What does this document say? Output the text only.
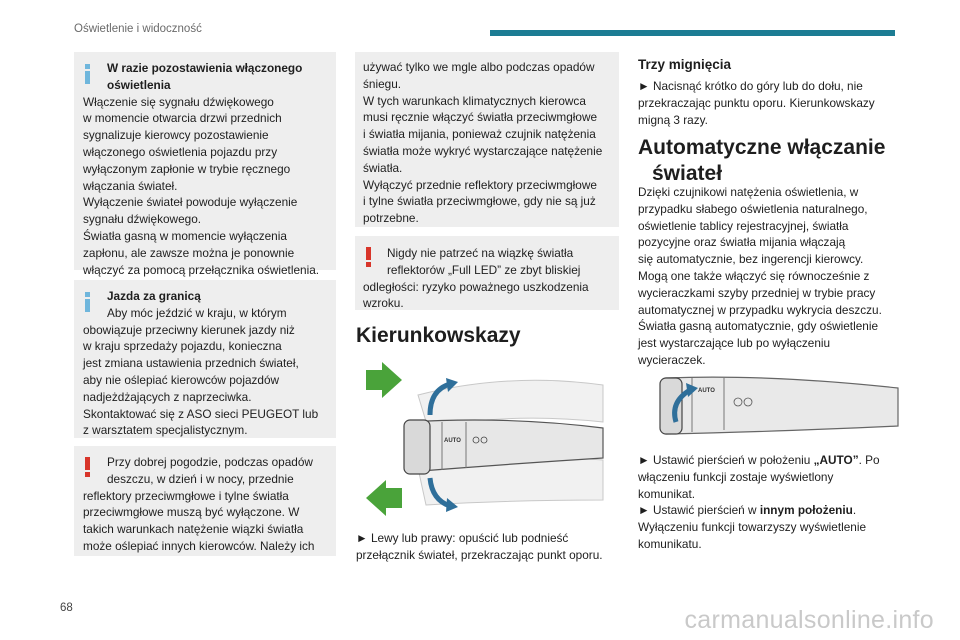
Oświetlenie i widoczność
68	carmanualsonline.info

W razie pozostawienia włączonego oświetlenia

Włączenie się sygnału dźwiękowego

w momencie otwarcia drzwi przednich

sygnalizuje kierowcy pozostawienie

włączonego oświetlenia pojazdu przy

wyłączonym zapłonie w trybie ręcznego

włączania świateł.

Wyłączenie świateł powoduje wyłączenie

sygnału dźwiękowego.

Światła gasną w momencie wyłączenia

zapłonu, ale zawsze można je ponownie

włączyć za pomocą przełącznika oświetlenia.

Jazda za granicą

Aby móc jeździć w kraju, w którym

obowiązuje przeciwny kierunek jazdy niż

w kraju sprzedaży pojazdu, konieczna

jest zmiana ustawienia przednich świateł,

aby nie oślepiać kierowców pojazdów

nadjeżdżających z naprzeciwka.

Skontaktować się z ASO sieci PEUGEOT lub

z warsztatem specjalistycznym.

Przy dobrej pogodzie, podczas opadów

deszczu, w dzień i w nocy, przednie

reflektory przeciwmgłowe i tylne światła

przeciwmgłowe muszą być wyłączone. W

takich warunkach natężenie wiązki światła

może oślepiać innych kierowców. Należy ich

używać tylko we mgle albo podczas opadów

śniegu.

W tych warunkach klimatycznych kierowca

musi ręcznie włączyć światła przeciwmgłowe

i światła mijania, ponieważ czujnik natężenia

światła może wykryć wystarczające natężenie

światła.

Wyłączyć przednie reflektory przeciwmgłowe

i tylne światła przeciwmgłowe, gdy nie są już

potrzebne.

Nigdy nie patrzeć na wiązkę światła

reflektorów „Full LED” ze zbyt bliskiej

odległości: ryzyko poważnego uszkodzenia

wzroku.

Kierunkowskazy
AUTO

► Lewy lub prawy: opuścić lub podnieść

przełącznik świateł, przekraczając punkt oporu.

Trzy mignięcia

► Nacisnąć krótko do góry lub do dołu, nie

przekraczając punktu oporu. Kierunkowskazy

migną 3 razy.

Automatyczne włączanie
świateł

Dzięki czujnikowi natężenia oświetlenia, w

przypadku słabego oświetlenia naturalnego,

oświetlenie tablicy rejestracyjnej, światła

pozycyjne oraz światła mijania włączają

się automatycznie, bez ingerencji kierowcy.

Mogą one także włączyć się równocześnie z

wycieraczkami szyby przedniej w trybie pracy

automatycznej w przypadku wykrycia deszczu.

Światła gasną automatycznie, gdy oświetlenie

jest wystarczające lub po wyłączeniu

wycieraczek.

AUTO

► Ustawić pierścień w położeniu „AUTO”. Po

włączeniu funkcji zostaje wyświetlony

komunikat.

► Ustawić pierścień w innym położeniu.

Wyłączeniu funkcji towarzyszy wyświetlenie

komunikatu.
